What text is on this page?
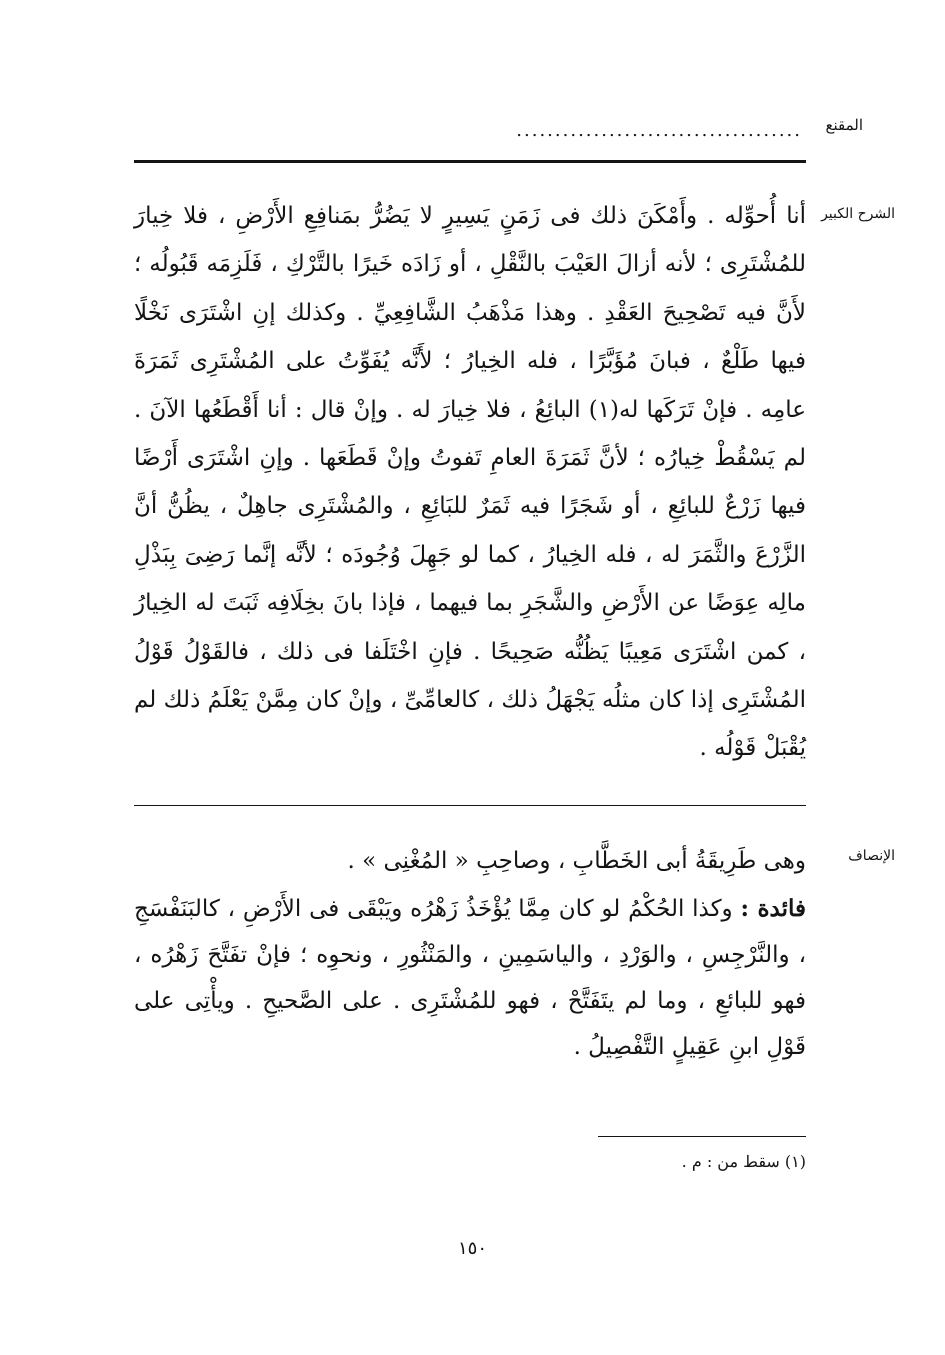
المقنع
.....................................
الشرح الكبير

أنا أُحوِّله . وأَمْكَنَ ذلك فى زَمَنٍ يَسِيرٍ لا يَضُرُّ بمَنافِعِ الأَرْضِ ، فلا خِيارَ للمُشْتَرِى ؛ لأنه أزالَ العَيْبَ بالنَّقْلِ ، أو زَادَه خَيرًا بالتَّرْكِ ، فَلَزِمَه قَبُولُه ؛ لأَنَّ فيه تَصْحِيحَ العَقْدِ . وهذا مَذْهَبُ الشَّافِعِيِّ . وكذلك إنِ اشْتَرَى نَخْلًا فيها طَلْعٌ ، فبانَ مُؤَبَّرًا ، فله الخِيارُ ؛ لأَنَّه يُفَوِّتُ على المُشْتَرِى ثَمَرَةَ عامِه . فإنْ تَرَكَها له(١) البائِعُ ، فلا خِيارَ له . وإنْ قال : أنا أَقْطَعُها الآنَ . لم يَسْقُطْ خِيارُه ؛ لأنَّ ثَمَرَةَ العامِ تَفوتُ وإنْ قَطَعَها . وإنِ اشْتَرَى أَرْضًا فيها زَرْعٌ للبائِعِ ، أو شَجَرًا فيه ثَمَرٌ للبَائِعِ ، والمُشْتَرِى جاهِلٌ ، يظُنُّ أنَّ الزَّرْعَ والثَّمَرَ له ، فله الخِيارُ ، كما لو جَهِلَ وُجُودَه ؛ لأنَّه إنَّما رَضِىَ بِبَذْلِ مالِه عِوَضًا عن الأَرْضِ والشَّجَرِ بما فيهما ، فإذا بانَ بخِلَافِه ثَبَتَ له الخِيارُ ، كمن اشْتَرَى مَعِيبًا يَظُنُّه صَحِيحًا . فإنِ اخْتَلَفا فى ذلك ، فالقَوْلُ قَوْلُ المُشْتَرِى إذا كان مثلُه يَجْهَلُ ذلك ، كالعامِّىِّ ، وإنْ كان مِمَّنْ يَعْلَمُ ذلك لم يُقْبَلْ قَوْلُه .

الإنصاف

وهى طَرِيقَةُ أبى الخَطَّابِ ، وصاحِبِ « المُغْنِى » .

فائدة : وكذا الحُكْمُ لو كان مِمَّا يُؤْخَذُ زَهْرُه ويَبْقَى فى الأَرْضِ ، كالبَنَفْسَجِ ، والنَّرْجِسِ ، والوَرْدِ ، والياسَمِينِ ، والمَنْثُورِ ، ونحوِه ؛ فإنْ تفَتَّحَ زَهْرُه ، فهو للبائعِ ، وما لم يتَفَتَّحْ ، فهو للمُشْتَرِى . على الصَّحيحِ . ويأْتِى على قَوْلِ ابنِ عَقِيلٍ التَّفْصِيلُ .

(١) سقط من : م .
١٥٠
